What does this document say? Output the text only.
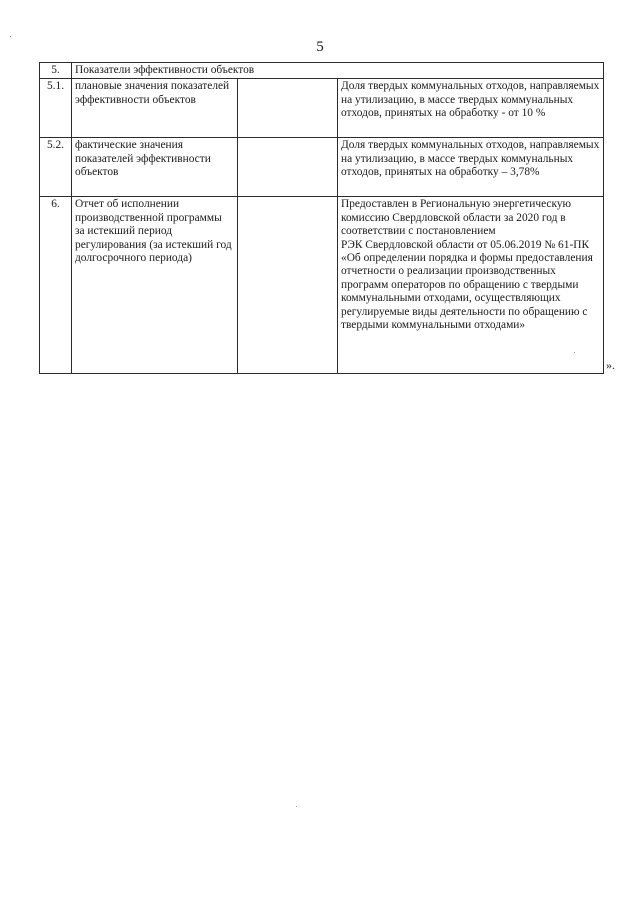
5
5.	Показатели эффективности объектов		
5.1.	плановые значения показателей эффективности объектов		Доля твердых коммунальных отходов, направляемых на утилизацию, в массе твердых коммунальных отходов, принятых на обработку - от 10 %
5.2.	фактические значения показателей эффективности объектов		Доля твердых коммунальных отходов, направляемых на утилизацию, в массе твердых коммунальных отходов, принятых на обработку – 3,78%
6.	Отчет об исполнении производственной программы за истекший период регулирования (за истекший год долгосрочного периода)		Предоставлен в Региональную энергетическую комиссию Свердловской области за 2020 год в соответствии с постановлением
РЭК Свердловской области от 05.06.2019 № 61-ПК «Об определении порядка и формы предоставления отчетности о реализации производственных программ операторов по обращению с твердыми коммунальными отходами, осуществляющих регулируемые виды деятельности по обращению с твердыми коммунальными отходами»
».
